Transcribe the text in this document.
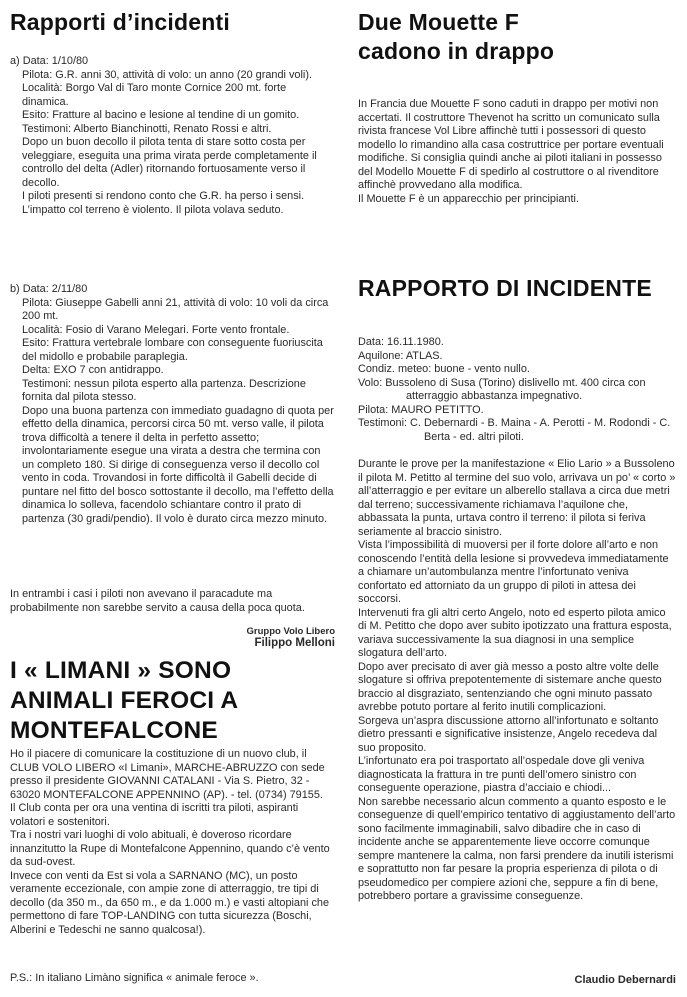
Rapporti d’incidenti

a) Data: 1/10/80

Pilota: G.R. anni 30, attività di volo: un anno (20 grandi voli).

Località: Borgo Val di Taro monte Cornice 200 mt. forte dinamica.

Esito: Fratture al bacino e lesione al tendine di un gomito.

Testimoni: Alberto Bianchinotti, Renato Rossi e altri.

Dopo un buon decollo il pilota tenta di stare sotto costa per veleggiare, eseguita una prima virata perde completamente il controllo del delta (Adler) ritornando fortuosamente verso il decollo.

I piloti presenti si rendono conto che G.R. ha perso i sensi. L’impatto col terreno è violento. Il pilota volava seduto.

b) Data: 2/11/80

Pilota: Giuseppe Gabelli anni 21, attività di volo: 10 voli da circa 200 mt.

Località: Fosio di Varano Melegari. Forte vento frontale.

Esito: Frattura vertebrale lombare con conseguente fuoriuscita del midollo e probabile paraplegia.

Delta: EXO 7 con antidrappo.

Testimoni: nessun pilota esperto alla partenza. Descrizione fornita dal pilota stesso.

Dopo una buona partenza con immediato guadagno di quota per effetto della dinamica, percorsi circa 50 mt. verso valle, il pilota trova difficoltà a tenere il delta in perfetto assetto; involontariamente esegue una virata a destra che termina con un completo 180. Si dirige di conseguenza verso il decollo col vento in coda. Trovandosi in forte difficoltà il Gabelli decide di puntare nel fitto del bosco sottostante il decollo, ma l’effetto della dinamica lo solleva, facendolo schiantare contro il prato di partenza (30 gradi/pendio). Il volo è durato circa mezzo minuto.

In entrambi i casi i piloti non avevano il paracadute ma probabilmente non sarebbe servito a causa della poca quota.

Gruppo Volo Libero
Filippo Melloni
I « LIMANI » SONO ANIMALI FEROCI A MONTEFALCONE

Ho il piacere di comunicare la costituzione di un nuovo club, il CLUB VOLO LIBERO «I Limani», MARCHE-ABRUZZO con sede presso il presidente GIOVANNI CATALANI - Via S. Pietro, 32 - 63020 MONTEFALCONE APPENNINO (AP). - tel. (0734) 79155.

Il Club conta per ora una ventina di iscritti tra piloti, aspiranti volatori e sostenitori.

Tra i nostri vari luoghi di volo abituali, è doveroso ricordare innanzitutto la Rupe di Montefalcone Appennino, quando c’è vento da sud-ovest.

Invece con venti da Est si vola a SARNANO (MC), un posto veramente eccezionale, con ampie zone di atterraggio, tre tipi di decollo (da 350 m., da 650 m., e da 1.000 m.) e vasti altopiani che permettono di fare TOP-LANDING con tutta sicurezza (Boschi, Alberini e Tedeschi ne sanno qualcosa!).

P.S.: In italiano Limàno significa « animale feroce ».

Due Mouette F cadono in drappo

In Francia due Mouette F sono caduti in drappo per motivi non accertati. Il costruttore Thevenot ha scritto un comunicato sulla rivista francese Vol Libre affinchè tutti i possessori di questo modello lo rimandino alla casa costruttrice per portare eventuali modifiche. Si consiglia quindi anche ai piloti italiani in possesso del Modello Mouette F di spedirlo al costruttore o al rivenditore affinchè provvedano alla modifica.

Il Mouette F è un apparecchio per principianti.

RAPPORTO DI INCIDENTE

Data: 16.11.1980.

Aquilone: ATLAS.

Condiz. meteo: buone - vento nullo.

Volo: Bussoleno di Susa (Torino) dislivello mt. 400 circa con atterraggio abbastanza impegnativo.

Pilota: MAURO PETITTO.

Testimoni: C. Debernardi - B. Maina - A. Perotti - M. Rodondi - C. Berta - ed. altri piloti.

Durante le prove per la manifestazione « Elio Lario » a Bussoleno il pilota M. Petitto al termine del suo volo, arrivava un po’ « corto » all’atterraggio e per evitare un alberello stallava a circa due metri dal terreno; successivamente richiamava l’aquilone che, abbassata la punta, urtava contro il terreno: il pilota si feriva seriamente al braccio sinistro.

Vista l’impossibilità di muoversi per il forte dolore all’arto e non conoscendo l’entità della lesione si provvedeva immediatamente a chiamare un’autombulanza mentre l’infortunato veniva confortato ed attorniato da un gruppo di piloti in attesa dei soccorsi.

Intervenuti fra gli altri certo Angelo, noto ed esperto pilota amico di M. Petitto che dopo aver subito ipotizzato una frattura esposta, variava successivamente la sua diagnosi in una semplice slogatura dell’arto.

Dopo aver precisato di aver già messo a posto altre volte delle slogature si offriva prepotentemente di sistemare anche questo braccio al disgraziato, sentenziando che ogni minuto passato avrebbe potuto portare al ferito inutili complicazioni.

Sorgeva un’aspra discussione attorno all’infortunato e soltanto dietro pressanti e significative insistenze, Angelo recedeva dal suo proposito.

L’infortunato era poi trasportato all’ospedale dove gli veniva diagnosticata la frattura in tre punti dell’omero sinistro con conseguente operazione, piastra d’acciaio e chiodi...

Non sarebbe necessario alcun commento a quanto esposto e le conseguenze di quell’empirico tentativo di aggiustamento dell’arto sono facilmente immaginabili, salvo dibadire che in caso di incidente anche se apparentemente lieve occorre comunque sempre mantenere la calma, non farsi prendere da inutili isterismi e soprattutto non far pesare la propria esperienza di pilota o di pseudomedico per compiere azioni che, seppure a fin di bene, potrebbero portare a gravissime conseguenze.

Claudio Debernardi
